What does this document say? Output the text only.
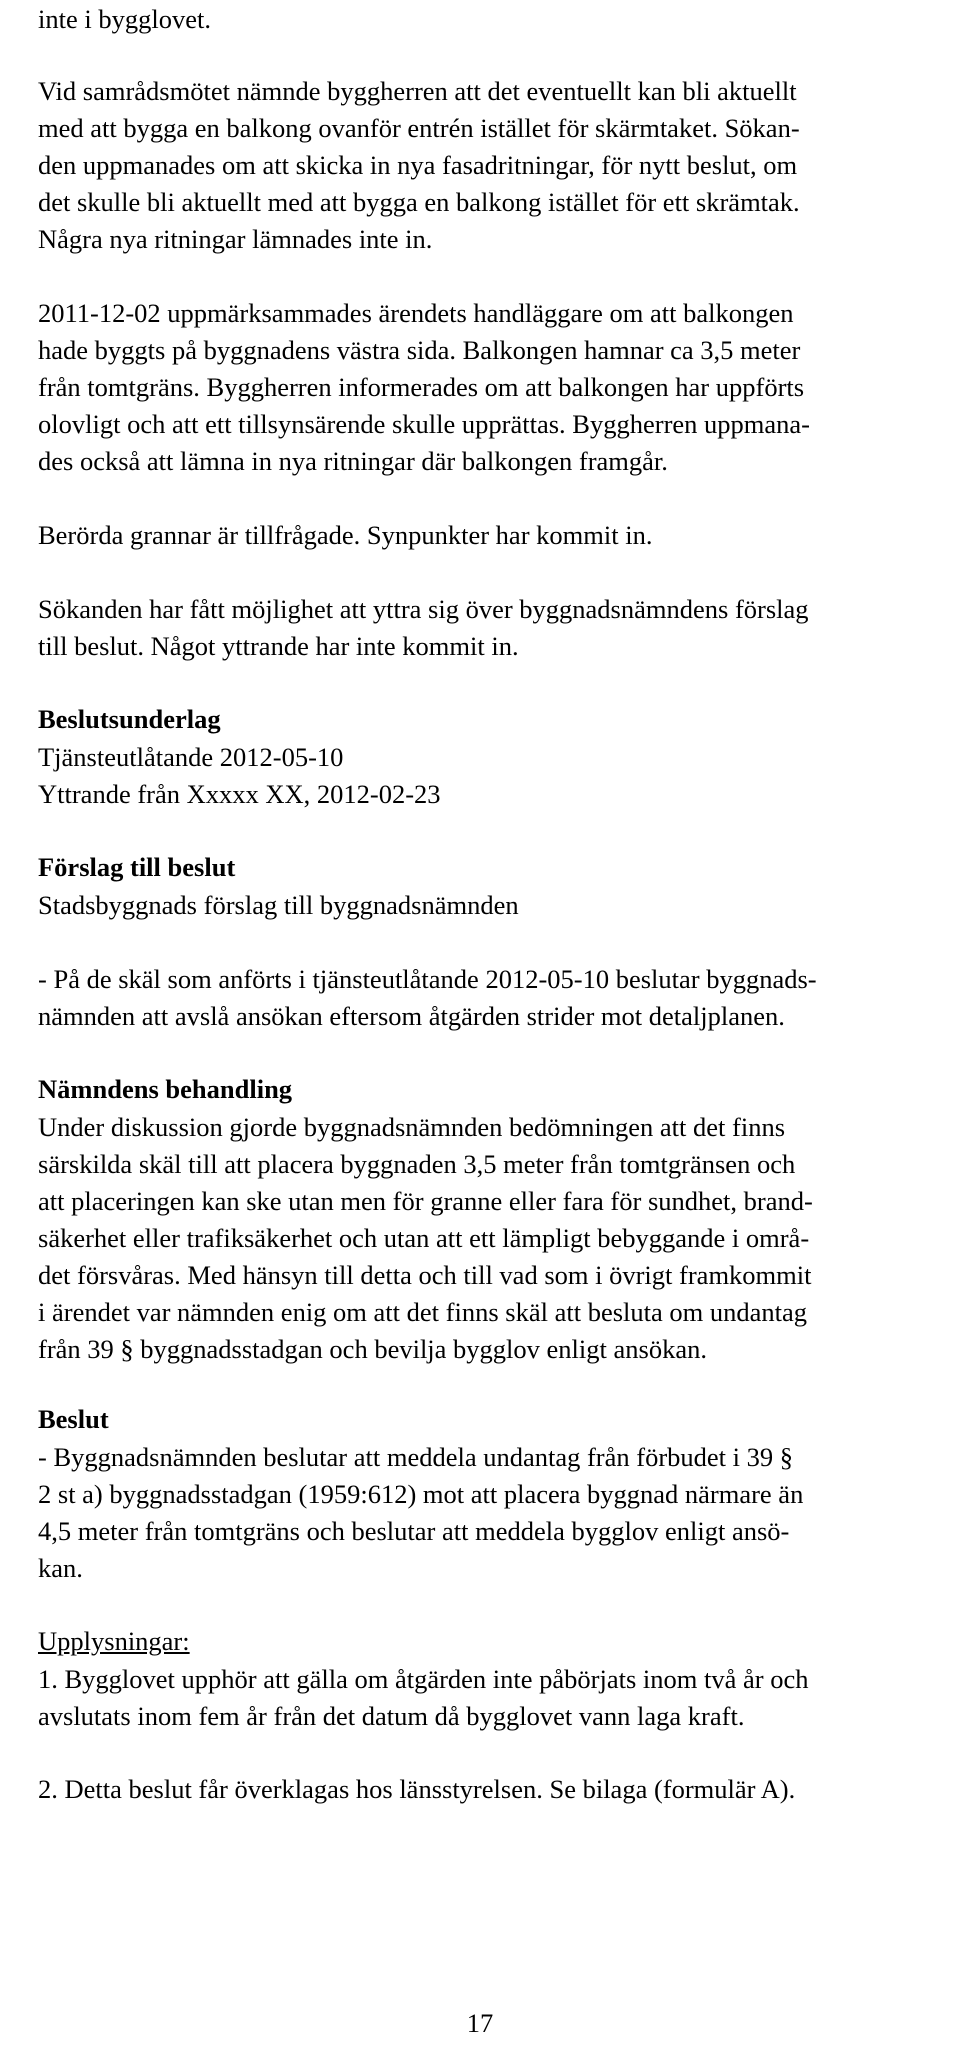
inte i bygglovet.

Vid samrådsmötet nämnde byggherren att det eventuellt kan bli aktuellt

med att bygga en balkong ovanför entrén istället för skärmtaket. Sökan-

den uppmanades om att skicka in nya fasadritningar, för nytt beslut, om

det skulle bli aktuellt med att bygga en balkong istället för ett skrämtak.

Några nya ritningar lämnades inte in.

2011-12-02 uppmärksammades ärendets handläggare om att balkongen

hade byggts på byggnadens västra sida. Balkongen hamnar ca 3,5 meter

från tomtgräns. Byggherren informerades om att balkongen har uppförts

olovligt och att ett tillsynsärende skulle upprättas. Byggherren uppmana-

des också att lämna in nya ritningar där balkongen framgår.

Berörda grannar är tillfrågade. Synpunkter har kommit in.

Sökanden har fått möjlighet att yttra sig över byggnadsnämndens förslag

till beslut. Något yttrande har inte kommit in.

Beslutsunderlag

Tjänsteutlåtande 2012-05-10

Yttrande från Xxxxx XX, 2012-02-23

Förslag till beslut

Stadsbyggnads förslag till byggnadsnämnden

- På de skäl som anförts i tjänsteutlåtande 2012-05-10 beslutar byggnads-

nämnden att avslå ansökan eftersom åtgärden strider mot detaljplanen.

Nämndens behandling

Under diskussion gjorde byggnadsnämnden bedömningen att det finns

särskilda skäl till att placera byggnaden 3,5 meter från tomtgränsen och

att placeringen kan ske utan men för granne eller fara för sundhet, brand-

säkerhet eller trafiksäkerhet och utan att ett lämpligt bebyggande i områ-

det försvåras. Med hänsyn till detta och till vad som i övrigt framkommit

i ärendet var nämnden enig om att det finns skäl att besluta om undantag

från 39 § byggnadsstadgan och bevilja bygglov enligt ansökan.

Beslut

- Byggnadsnämnden beslutar att meddela undantag från förbudet i 39 §

2 st a) byggnadsstadgan (1959:612) mot att placera byggnad närmare än

4,5 meter från tomtgräns och beslutar att meddela bygglov enligt ansö-

kan.

Upplysningar:

1. Bygglovet upphör att gälla om åtgärden inte påbörjats inom två år och

avslutats inom fem år från det datum då bygglovet vann laga kraft.

2. Detta beslut får överklagas hos länsstyrelsen. Se bilaga (formulär A).

17
